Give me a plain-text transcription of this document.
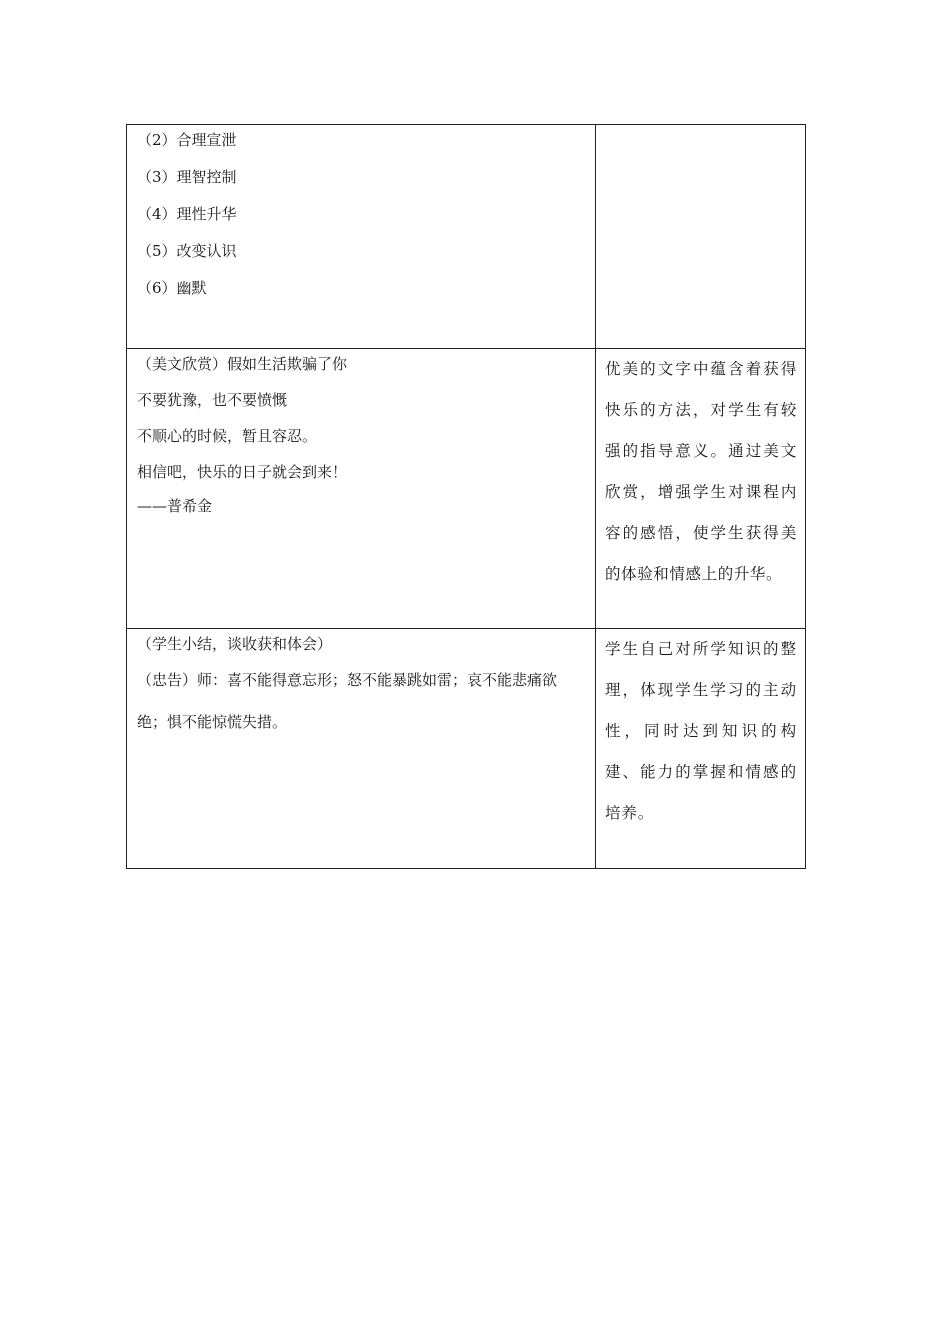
（2）合理宣泄
（3）理智控制
（4）理性升华
（5）改变认识
（6）幽默	

（美文欣赏）假如生活欺骗了你
不要犹豫，也不要愤慨
不顺心的时候，暂且容忍。
相信吧，快乐的日子就会到来！
——普希金	优美的文字中蕴含着获得快乐的方法，对学生有较强的指导意义。通过美文欣赏，增强学生对课程内容的感悟，使学生获得美的体验和情感上的升华。

（学生小结，谈收获和体会）
（忠告）师：喜不能得意忘形；怒不能暴跳如雷；哀不能悲痛欲绝；惧不能惊慌失措。	学生自己对所学知识的整理，体现学生学习的主动性，同时达到知识的构建、能力的掌握和情感的培养。
